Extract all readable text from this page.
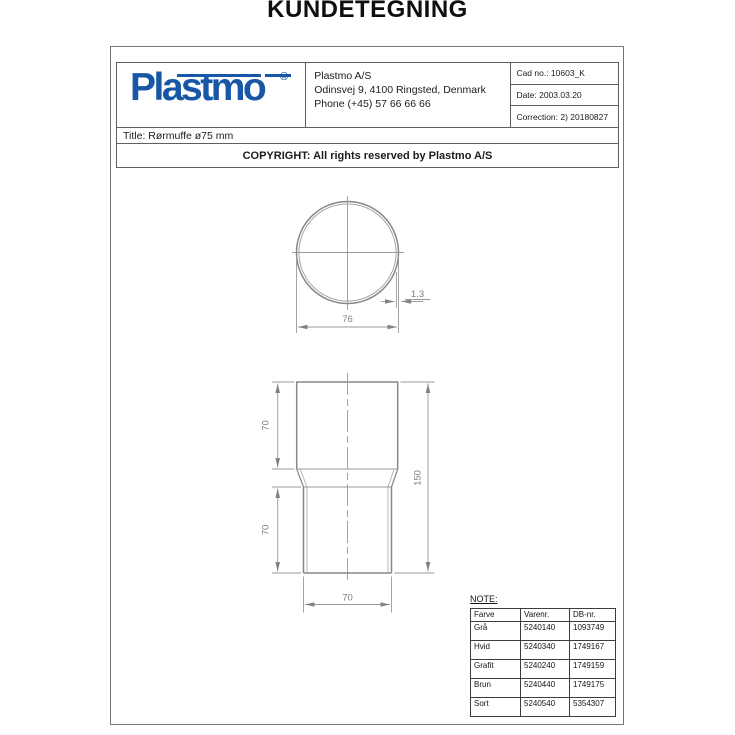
KUNDETEGNING
Plastmo ® Plastmo A/S
Odinsvej 9, 4100 Ringsted, Denmark
Phone (+45) 57 66 66 66
Cad no.: 10603_K
Date: 2003.03.20
Correction: 2) 20180827
Title: Rørmuffe ø75 mm
COPYRIGHT: All rights reserved by Plastmo A/S
76
1.3
70
70
150
70	NOTE:
Farve	Varenr.	DB-nr.
Grå	5240140	1093749
Hvid	5240340	1749167
Grafit	5240240	1749159
Brun	5240440	1749175
Sort	5240540	5354307
